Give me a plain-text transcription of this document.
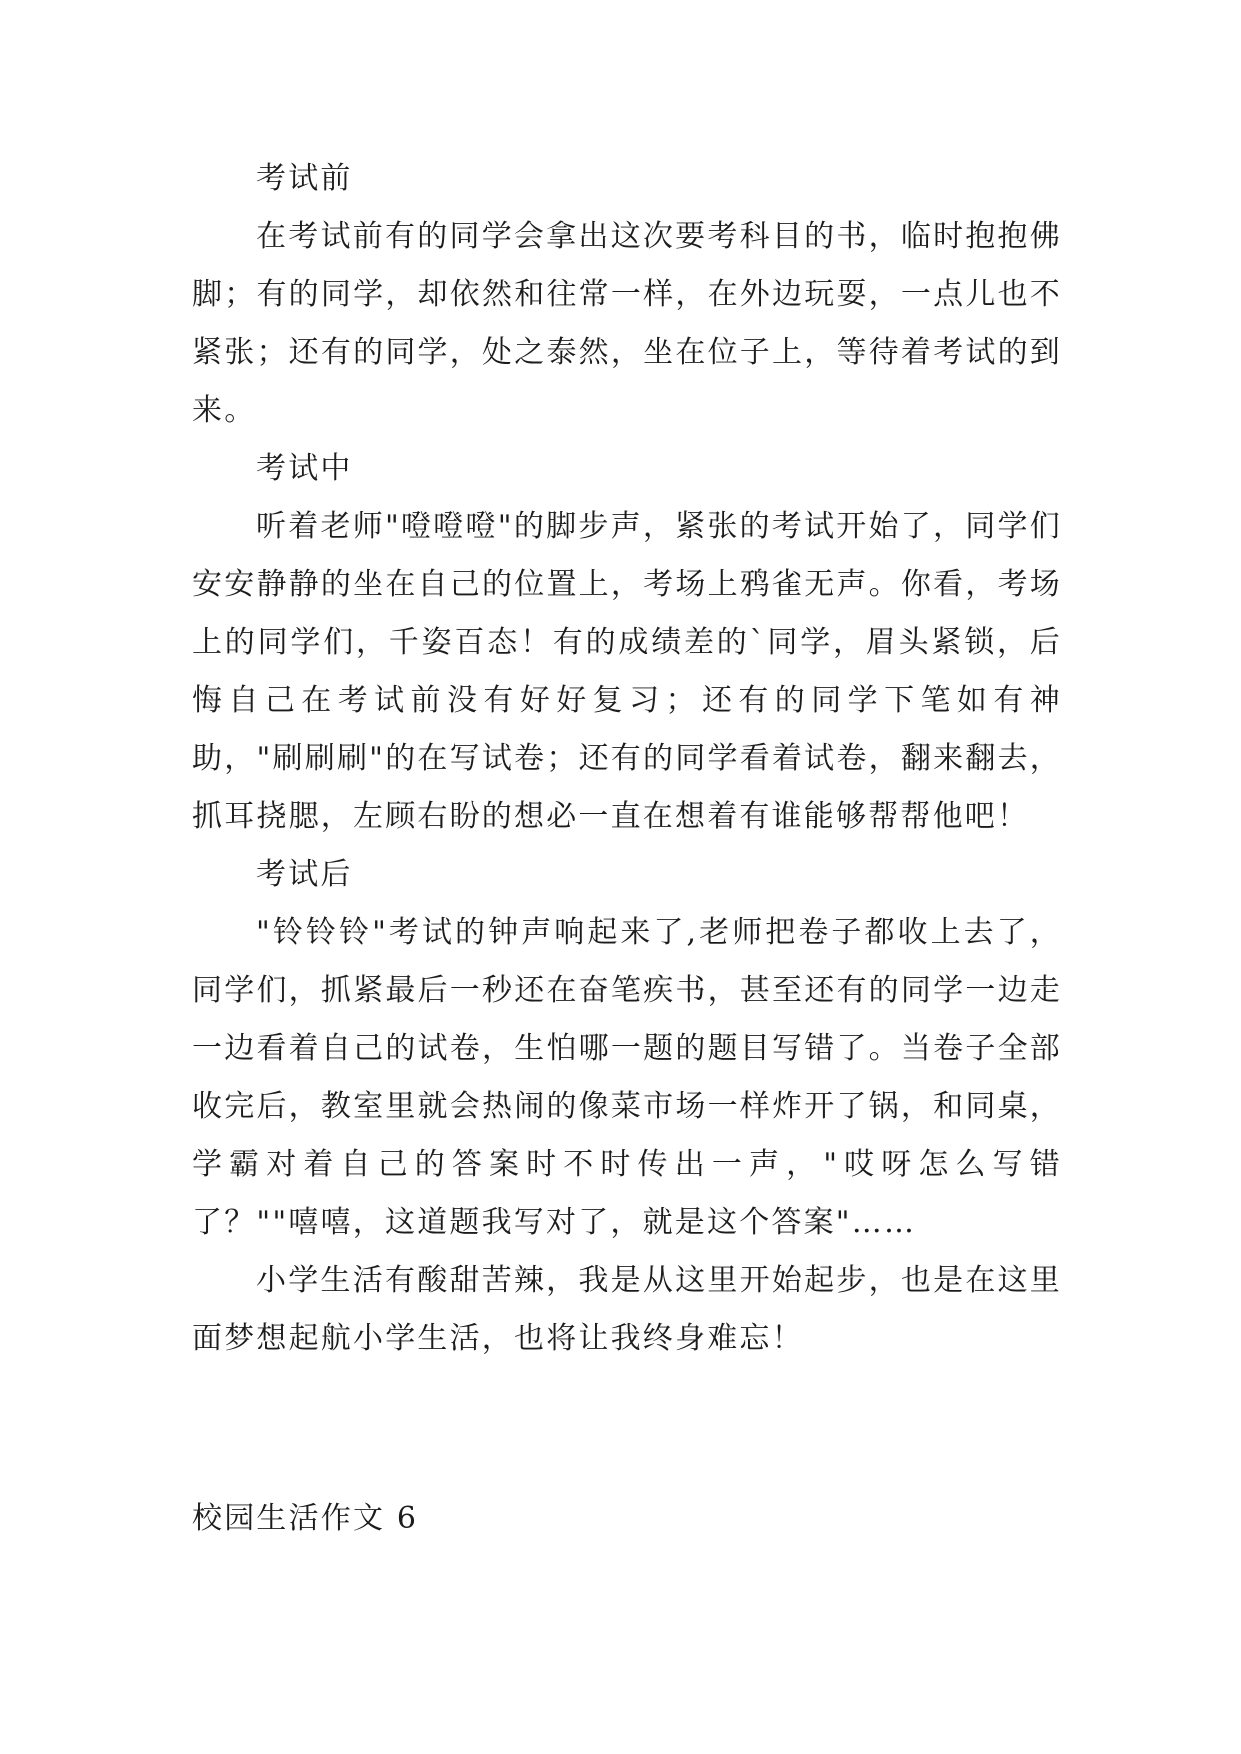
考试前

在考试前有的同学会拿出这次要考科目的书，临时抱抱佛脚；有的同学，却依然和往常一样，在外边玩耍，一点儿也不紧张；还有的同学，处之泰然，坐在位子上，等待着考试的到来。

考试中

听着老师"噔噔噔"的脚步声，紧张的考试开始了，同学们安安静静的坐在自己的位置上，考场上鸦雀无声。你看，考场上的同学们，千姿百态！有的成绩差的`同学，眉头紧锁，后悔自己在考试前没有好好复习；还有的同学下笔如有神助，"刷刷刷"的在写试卷；还有的同学看着试卷，翻来翻去，抓耳挠腮，左顾右盼的想必一直在想着有谁能够帮帮他吧！

考试后

"铃铃铃"考试的钟声响起来了,老师把卷子都收上去了，同学们，抓紧最后一秒还在奋笔疾书，甚至还有的同学一边走一边看着自己的试卷，生怕哪一题的题目写错了。当卷子全部收完后，教室里就会热闹的像菜市场一样炸开了锅，和同桌，学霸对着自己的答案时不时传出一声，"哎呀怎么写错了？""嘻嘻，这道题我写对了，就是这个答案"……

小学生活有酸甜苦辣，我是从这里开始起步，也是在这里面梦想起航小学生活，也将让我终身难忘！

校园生活作文 6
